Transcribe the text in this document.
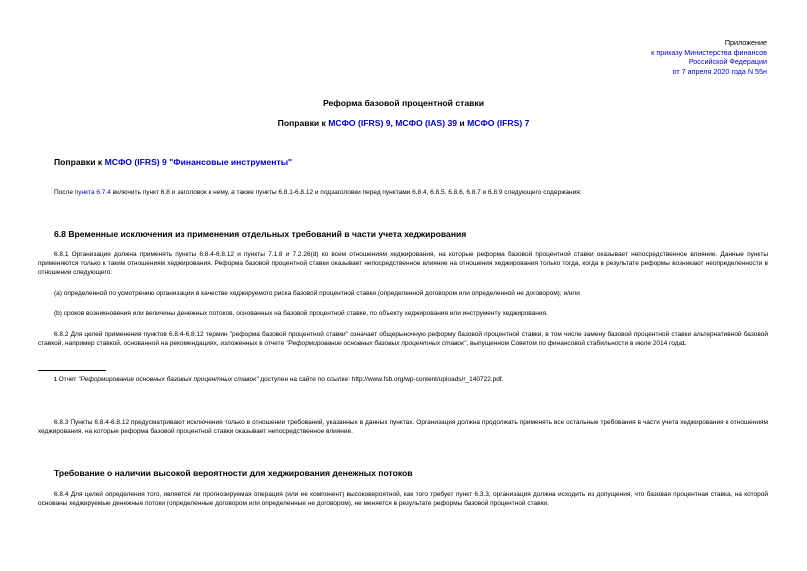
Приложение
к приказу Министерства финансов
Российской Федерации
от 7 апреля 2020 года N 55н
Реформа базовой процентной ставки
Поправки к МСФО (IFRS) 9, МСФО (IAS) 39 и МСФО (IFRS) 7
Поправки к МСФО (IFRS) 9 "Финансовые инструменты"
После пункта 6.7.4 включить пункт 6.8 и заголовок к нему, а также пункты 6.8.1-6.8.12 и подзаголовки перед пунктами 6.8.4, 6.8.5, 6.8.6, 6.8.7 и 6.8.9 следующего содержания:
6.8 Временные исключения из применения отдельных требований в части учета хеджирования
6.8.1 Организация должна применять пункты 6.8.4-6.8.12 и пункты 7.1.8 и 7.2.26(d) ко всем отношениям хеджирования, на которые реформа базовой процентной ставки оказывает непосредственное влияние. Данные пункты применяются только к таким отношениям хеджирования. Реформа базовой процентной ставки оказывает непосредственное влияние на отношения хеджирования только тогда, когда в результате реформы возникают неопределенности в отношении следующего:
(a) определенной по усмотрению организации в качестве хеджируемого риска базовой процентной ставки (определенной договором или определенной не договором); и/или
(b) сроков возникновения или величины денежных потоков, основанных на базовой процентной ставке, по объекту хеджирования или инструменту хеджирования.
6.8.2 Для целей применения пунктов 6.8.4-6.8.12 термин "реформа базовой процентной ставки" означает общерыночную реформу базовой процентной ставки, в том числе замену базовой процентной ставки альтернативной базовой ставкой, например ставкой, основанной на рекомендациях, изложенных в отчете "Реформирование основных базовых процентных ставок", выпущенном Советом по финансовой стабильности в июле 2014 года1.
1 Отчет "Реформирование основных базовых процентных ставок" доступен на сайте по ссылке: http://www.fsb.org/wp-content/uploads/r_140722.pdf.
6.8.3 Пункты 6.8.4-6.8.12 предусматривают исключения только в отношении требований, указанных в данных пунктах. Организация должна продолжать применять все остальные требования в части учета хеджирования к отношениям хеджирования, на которые реформа базовой процентной ставки оказывает непосредственное влияние.
Требование о наличии высокой вероятности для хеджирования денежных потоков
6.8.4 Для целей определения того, является ли прогнозируемая операция (или ее компонент) высоковероятной, как того требует пункт 6.3.3, организация должна исходить из допущения, что базовая процентная ставка, на которой основаны хеджируемые денежные потоки (определенные договором или определенные не договором), не меняется в результате реформы базовой процентной ставки.
